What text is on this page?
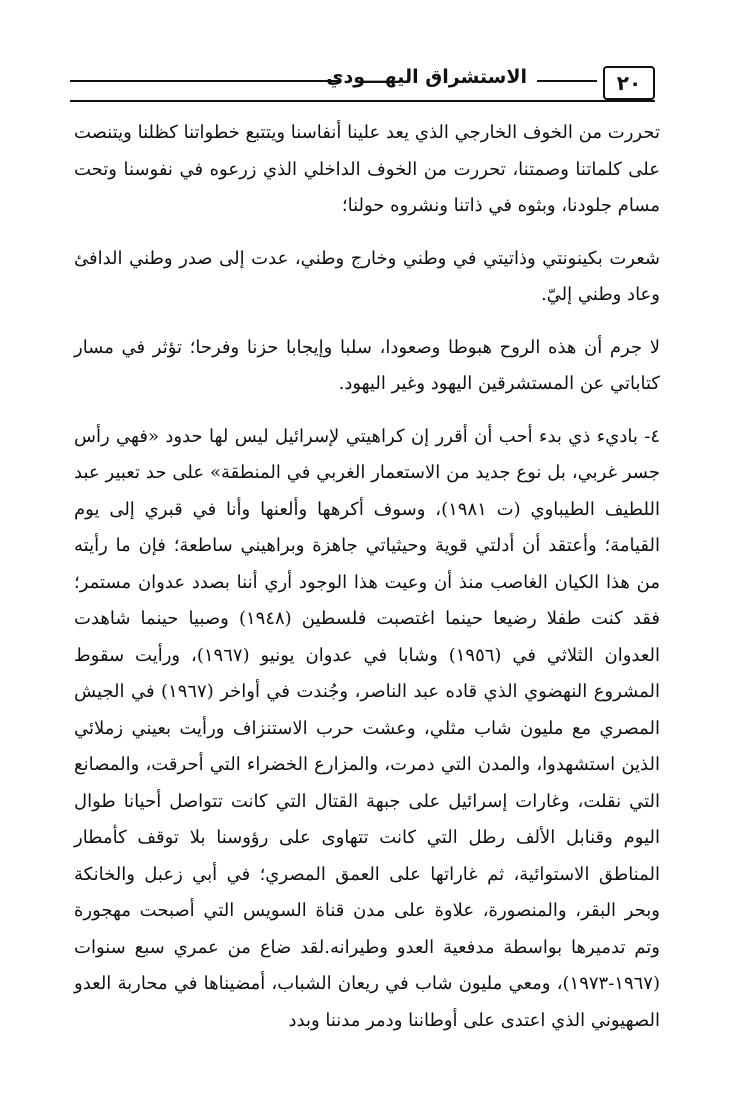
٢٠
الاستشراق اليهـــودي

تحررت من الخوف الخارجي الذي يعد علينا أنفاسنا ويتتبع خطواتنا كظلنا ويتنصت على كلماتنا وصمتنا، تحررت من الخوف الداخلي الذي زرعوه في نفوسنا وتحت مسام جلودنا، وبثوه في ذاتنا ونشروه حولنا؛

شعرت بكينونتي وذاتيتي في وطني وخارج وطني، عدت إلى صدر وطني الدافئ وعاد وطني إليّ.

لا جرم أن هذه الروح هبوطا وصعودا، سلبا وإيجابا حزنا وفرحا؛ تؤثر في مسار كتاباتي عن المستشرقين اليهود وغير اليهود.

٤- باديء ذي بدء أحب أن أقرر إن كراهيتي لإسرائيل ليس لها حدود «فهي رأس جسر غربي، بل نوع جديد من الاستعمار الغربي في المنطقة» على حد تعبير عبد اللطيف الطيباوي (ت ١٩٨١)، وسوف أكرهها وألعنها وأنا في قبري إلى يوم القيامة؛ وأعتقد أن أدلتي قوية وحيثياتي جاهزة وبراهيني ساطعة؛ فإن ما رأيته من هذا الكيان الغاصب منذ أن وعيت هذا الوجود أري أننا بصدد عدوان مستمر؛ فقد كنت طفلا رضيعا حينما اغتصبت فلسطين (١٩٤٨) وصبيا حينما شاهدت العدوان الثلاثي في (١٩٥٦) وشابا في عدوان يونيو (١٩٦٧)، ورأيت سقوط المشروع النهضوي الذي قاده عبد الناصر، وجُندت في أواخر (١٩٦٧) في الجيش المصري مع مليون شاب مثلي، وعشت حرب الاستنزاف ورأيت بعيني زملائي الذين استشهدوا، والمدن التي دمرت، والمزارع الخضراء التي أحرقت، والمصانع التي نقلت، وغارات إسرائيل على جبهة القتال التي كانت تتواصل أحيانا طوال اليوم وقنابل الألف رطل التي كانت تتهاوى على رؤوسنا بلا توقف كأمطار المناطق الاستوائية، ثم غاراتها على العمق المصري؛ في أبي زعبل والخانكة وبحر البقر، والمنصورة، علاوة على مدن قناة السويس التي أصبحت مهجورة وتم تدميرها بواسطة مدفعية العدو وطيرانه.لقد ضاع من عمري سبع سنوات (١٩٦٧-١٩٧٣)، ومعي مليون شاب في ريعان الشباب، أمضيناها في محاربة العدو الصهيوني الذي اعتدى على أوطاننا ودمر مدننا وبدد
